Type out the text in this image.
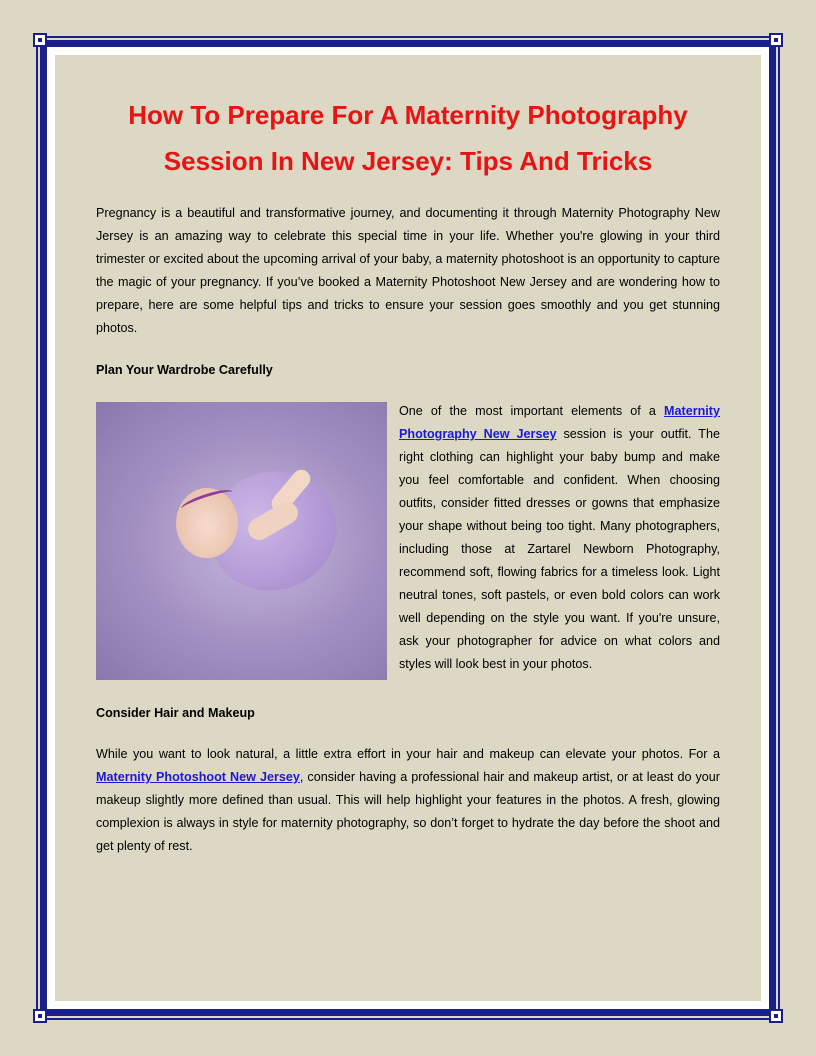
How To Prepare For A Maternity Photography Session In New Jersey: Tips And Tricks

Pregnancy is a beautiful and transformative journey, and documenting it through Maternity Photography New Jersey is an amazing way to celebrate this special time in your life. Whether you're glowing in your third trimester or excited about the upcoming arrival of your baby, a maternity photoshoot is an opportunity to capture the magic of your pregnancy. If you’ve booked a Maternity Photoshoot New Jersey and are wondering how to prepare, here are some helpful tips and tricks to ensure your session goes smoothly and you get stunning photos.

Plan Your Wardrobe Carefully

One of the most important elements of a Maternity Photography New Jersey session is your outfit. The right clothing can highlight your baby bump and make you feel comfortable and confident. When choosing outfits, consider fitted dresses or gowns that emphasize your shape without being too tight. Many photographers, including those at Zartarel Newborn Photography, recommend soft, flowing fabrics for a timeless look. Light neutral tones, soft pastels, or even bold colors can work well depending on the style you want. If you're unsure, ask your photographer for advice on what colors and styles will look best in your photos.

Consider Hair and Makeup

While you want to look natural, a little extra effort in your hair and makeup can elevate your photos. For a Maternity Photoshoot New Jersey, consider having a professional hair and makeup artist, or at least do your makeup slightly more defined than usual. This will help highlight your features in the photos. A fresh, glowing complexion is always in style for maternity photography, so don’t forget to hydrate the day before the shoot and get plenty of rest.
